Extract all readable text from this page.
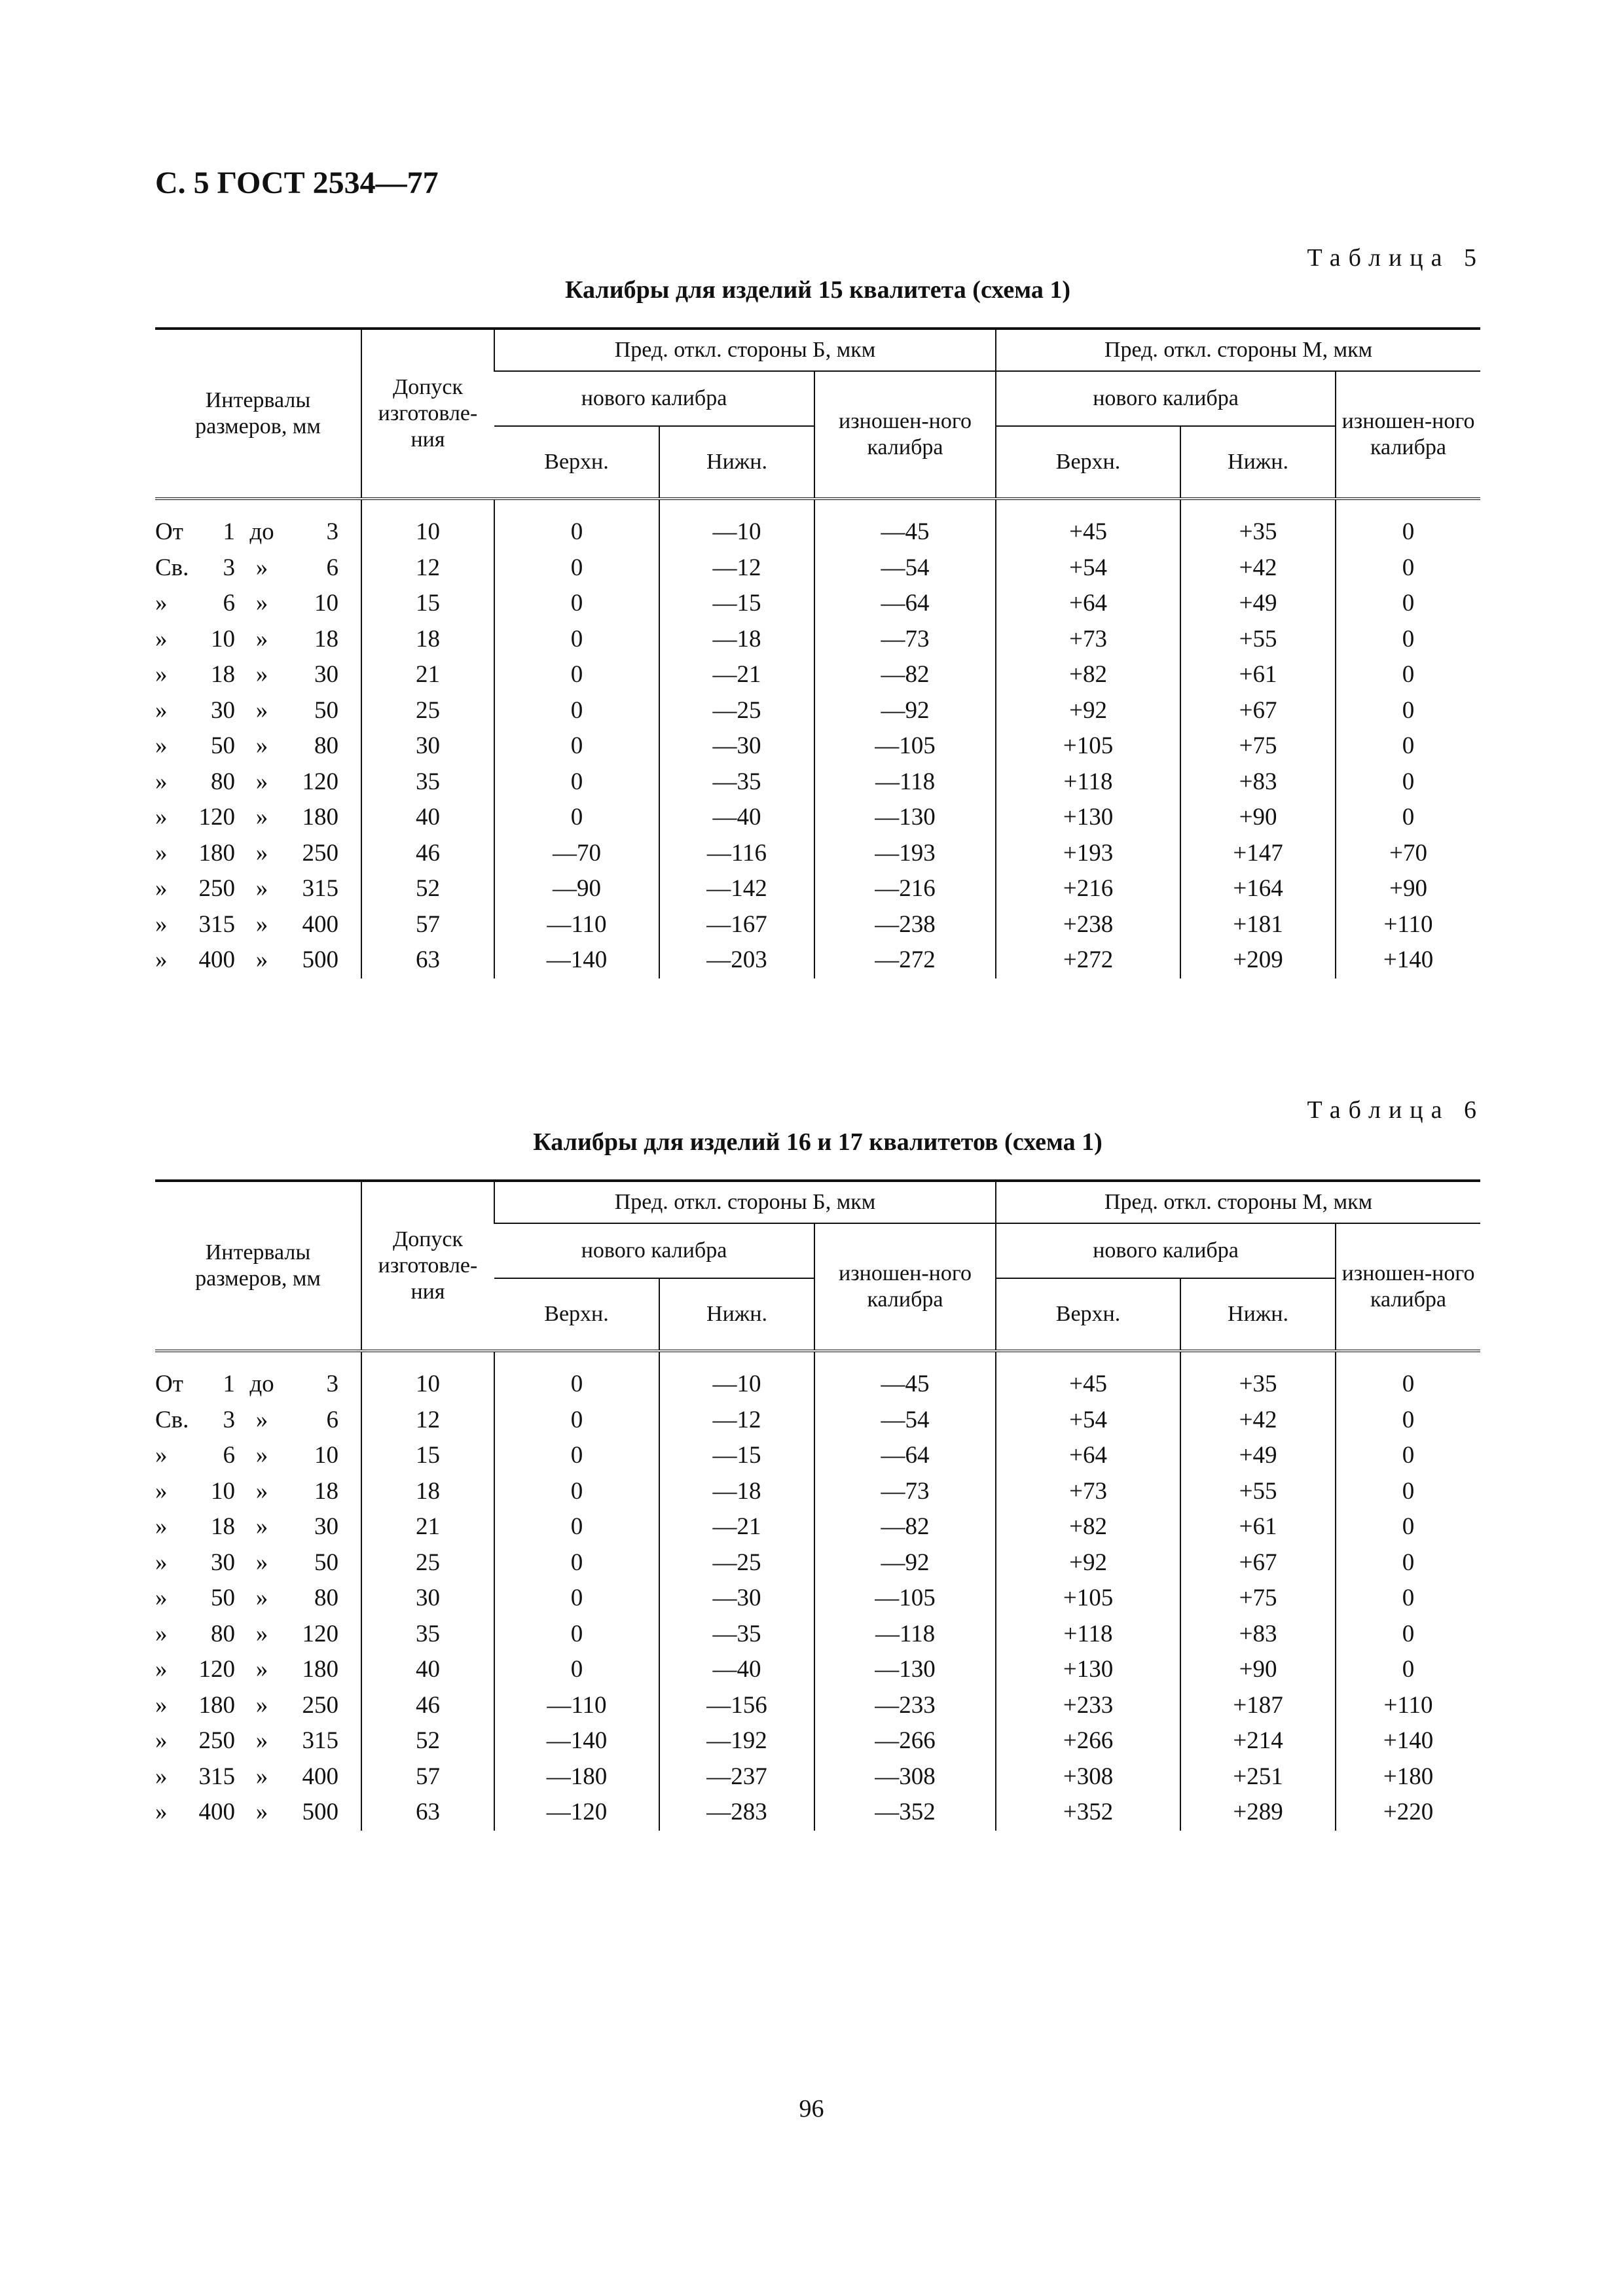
С. 5 ГОСТ 2534—77
Таблица 5
Калибры для изделий 15 квалитета (схема 1)
Интервалы размеров, мм	Допуск изготовле-ния	Пред. откл. стороны Б, мкм			Пред. откл. стороны М, мкм		
		нового калибра		изношен-ного калибра	нового калибра		изношен-ного калибра
		Верхн.	Нижн.		Верхн.	Нижн.	
От 1 до 3	10	0	—10	—45	+45	+35	0
Св. 3 » 6	12	0	—12	—54	+54	+42	0
» 6 » 10	15	0	—15	—64	+64	+49	0
» 10 » 18	18	0	—18	—73	+73	+55	0
» 18 » 30	21	0	—21	—82	+82	+61	0
» 30 » 50	25	0	—25	—92	+92	+67	0
» 50 » 80	30	0	—30	—105	+105	+75	0
» 80 » 120	35	0	—35	—118	+118	+83	0
» 120 » 180	40	0	—40	—130	+130	+90	0
» 180 » 250	46	—70	—116	—193	+193	+147	+70
» 250 » 315	52	—90	—142	—216	+216	+164	+90
» 315 » 400	57	—110	—167	—238	+238	+181	+110
» 400 » 500	63	—140	—203	—272	+272	+209	+140
Таблица 6
Калибры для изделий 16 и 17 квалитетов (схема 1)
Интервалы размеров, мм	Допуск изготовле-ния	Пред. откл. стороны Б, мкм			Пред. откл. стороны М, мкм		
		нового калибра		изношен-ного калибра	нового калибра		изношен-ного калибра
		Верхн.	Нижн.		Верхн.	Нижн.	
От 1 до 3	10	0	—10	—45	+45	+35	0
Св. 3 » 6	12	0	—12	—54	+54	+42	0
» 6 » 10	15	0	—15	—64	+64	+49	0
» 10 » 18	18	0	—18	—73	+73	+55	0
» 18 » 30	21	0	—21	—82	+82	+61	0
» 30 » 50	25	0	—25	—92	+92	+67	0
» 50 » 80	30	0	—30	—105	+105	+75	0
» 80 » 120	35	0	—35	—118	+118	+83	0
» 120 » 180	40	0	—40	—130	+130	+90	0
» 180 » 250	46	—110	—156	—233	+233	+187	+110
» 250 » 315	52	—140	—192	—266	+266	+214	+140
» 315 » 400	57	—180	—237	—308	+308	+251	+180
» 400 » 500	63	—120	—283	—352	+352	+289	+220
96
